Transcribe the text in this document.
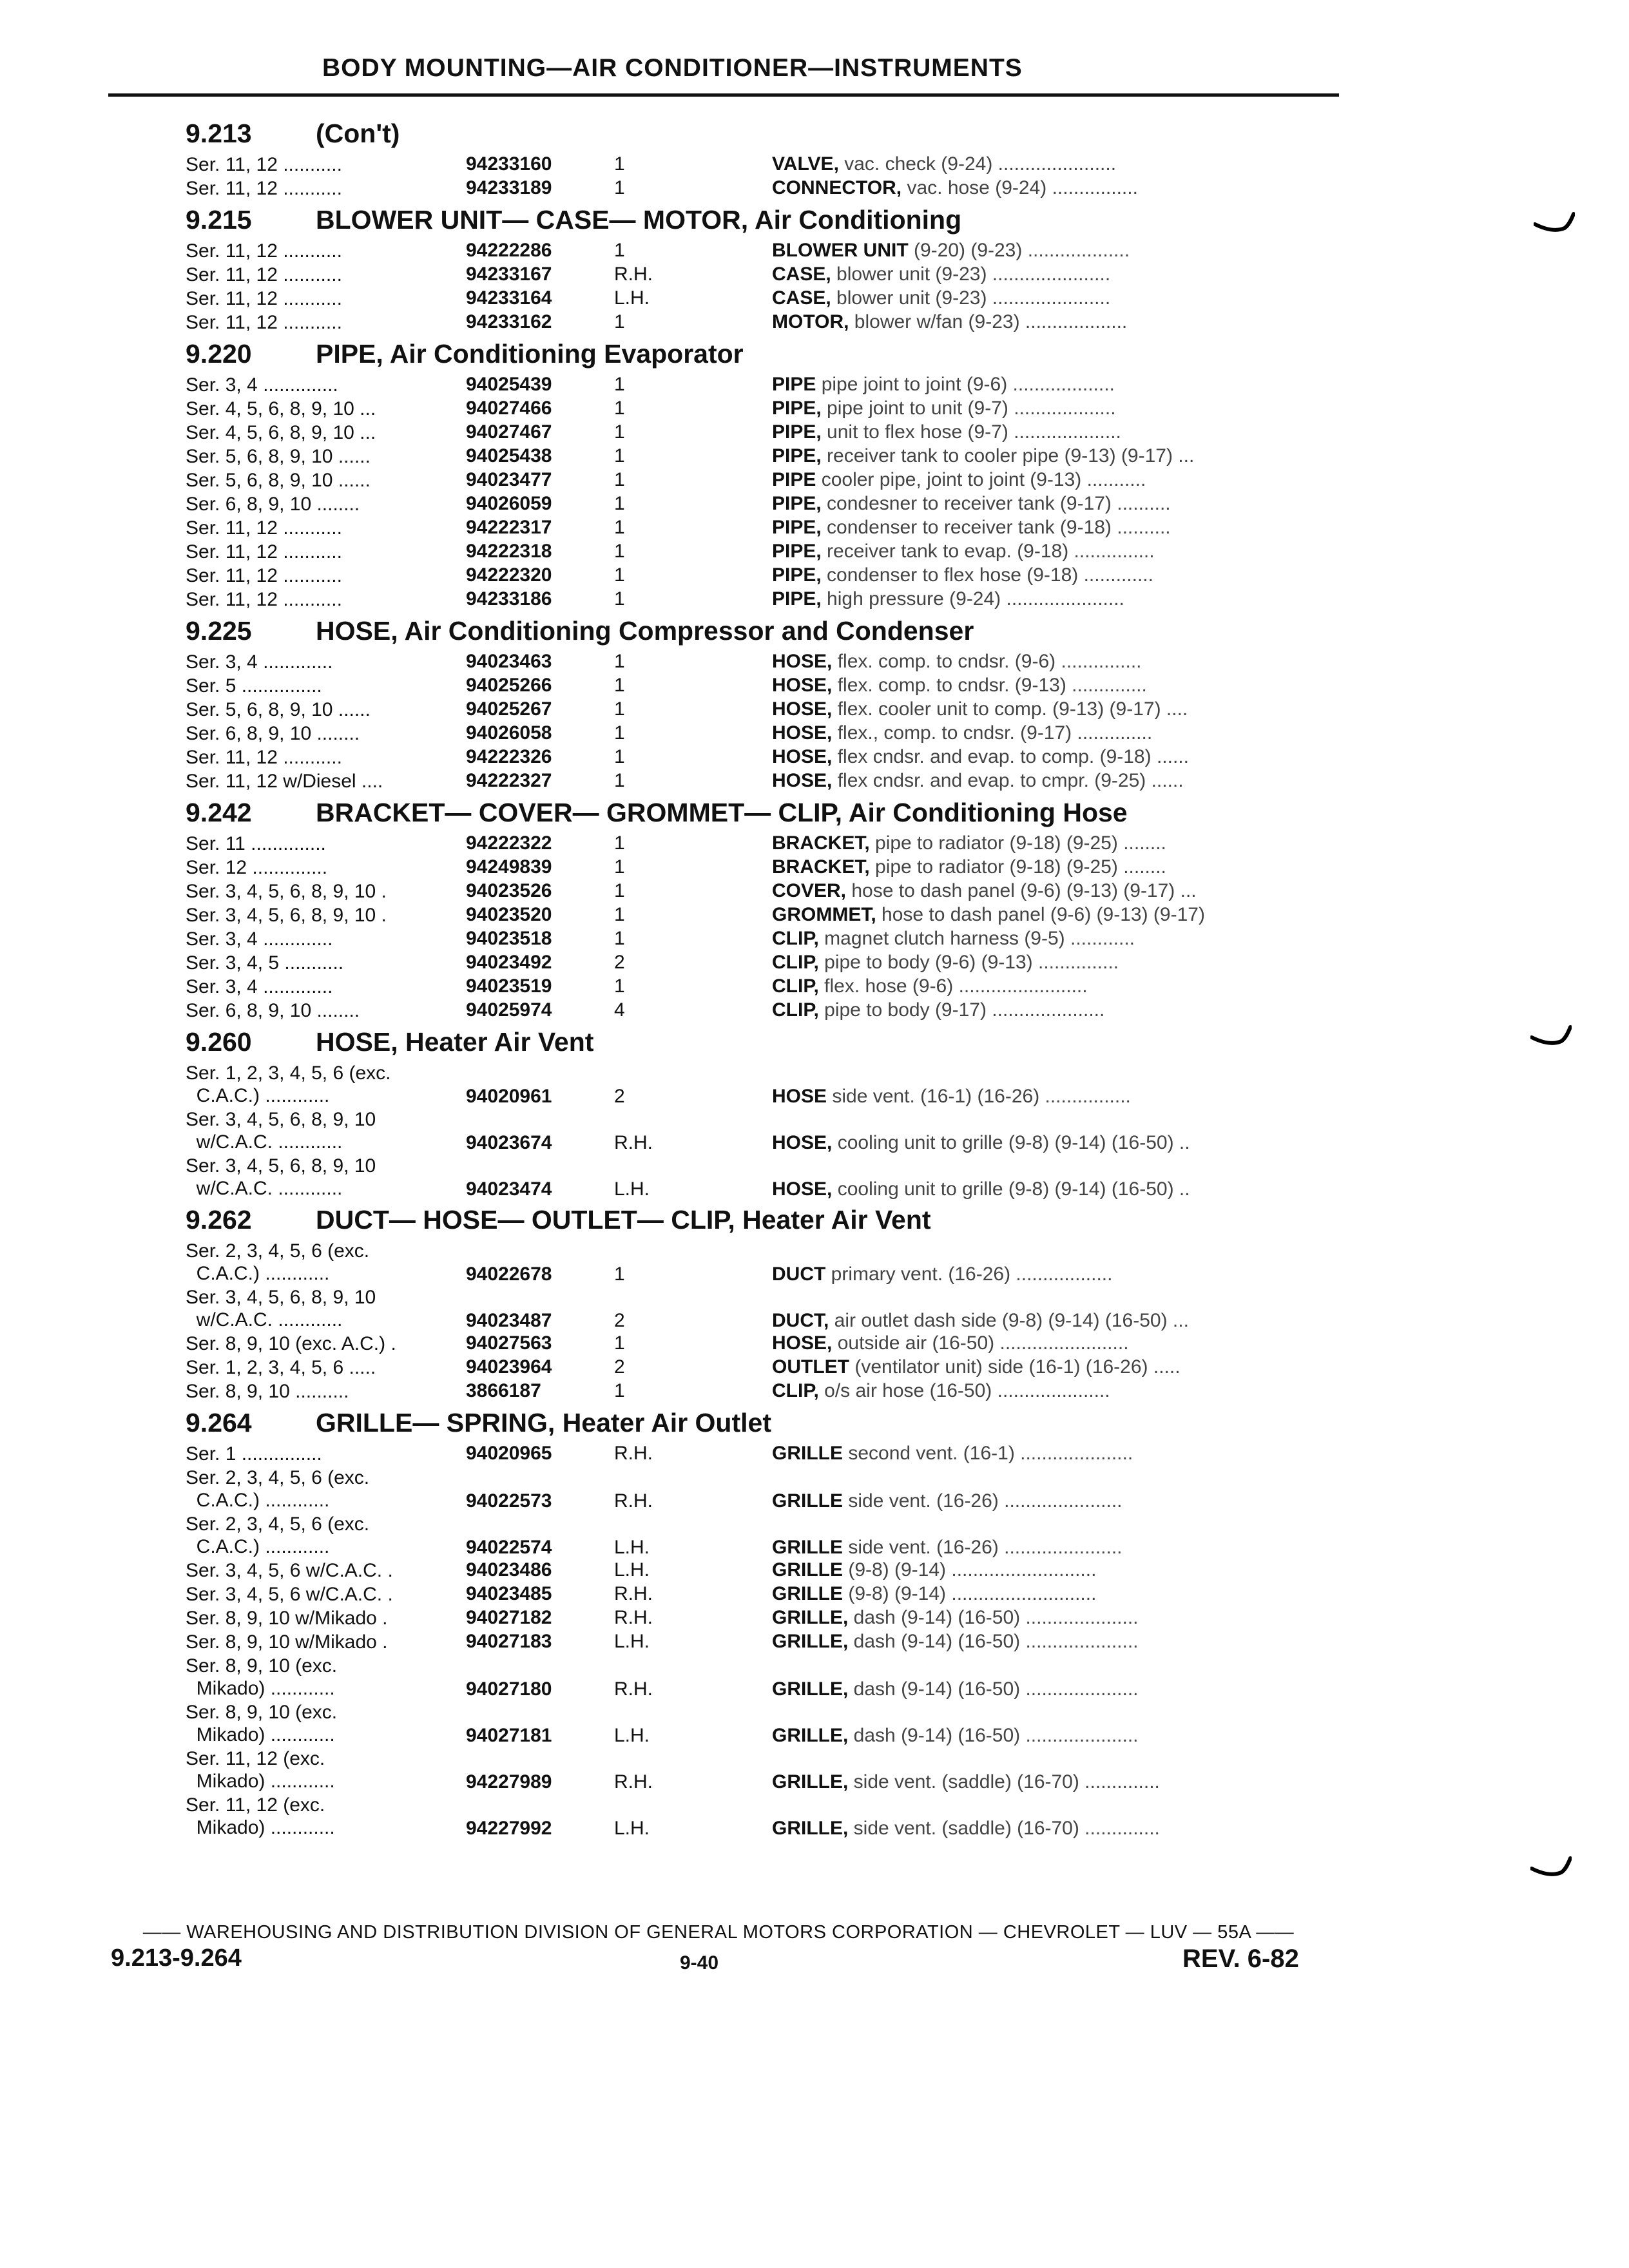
BODY MOUNTING—AIR CONDITIONER—INSTRUMENTS
9.213 (Con't)
Ser. 11, 12 ...........	94233160	1	VALVE, vac. check (9-24) ......................
Ser. 11, 12 ...........	94233189	1	CONNECTOR, vac. hose (9-24) ................
9.215 BLOWER UNIT— CASE— MOTOR, Air Conditioning
Ser. 11, 12 ...........	94222286	1	BLOWER UNIT (9-20) (9-23) ...................
Ser. 11, 12 ...........	94233167	R.H.	CASE, blower unit (9-23) ......................
Ser. 11, 12 ...........	94233164	L.H.	CASE, blower unit (9-23) ......................
Ser. 11, 12 ...........	94233162	1	MOTOR, blower w/fan (9-23) ...................
9.220 PIPE, Air Conditioning Evaporator
Ser. 3, 4 ..............	94025439	1	PIPE pipe joint to joint (9-6) ...................
Ser. 4, 5, 6, 8, 9, 10 ...	94027466	1	PIPE, pipe joint to unit (9-7) ...................
Ser. 4, 5, 6, 8, 9, 10 ...	94027467	1	PIPE, unit to flex hose (9-7) ....................
Ser. 5, 6, 8, 9, 10 ......	94025438	1	PIPE, receiver tank to cooler pipe (9-13) (9-17) ...
Ser. 5, 6, 8, 9, 10 ......	94023477	1	PIPE cooler pipe, joint to joint (9-13) ...........
Ser. 6, 8, 9, 10 ........	94026059	1	PIPE, condesner to receiver tank (9-17) ..........
Ser. 11, 12 ...........	94222317	1	PIPE, condenser to receiver tank (9-18) ..........
Ser. 11, 12 ...........	94222318	1	PIPE, receiver tank to evap. (9-18) ...............
Ser. 11, 12 ...........	94222320	1	PIPE, condenser to flex hose (9-18) .............
Ser. 11, 12 ...........	94233186	1	PIPE, high pressure (9-24) ......................
9.225 HOSE, Air Conditioning Compressor and Condenser
Ser. 3, 4 .............	94023463	1	HOSE, flex. comp. to cndsr. (9-6) ...............
Ser. 5 ...............	94025266	1	HOSE, flex. comp. to cndsr. (9-13) ..............
Ser. 5, 6, 8, 9, 10 ......	94025267	1	HOSE, flex. cooler unit to comp. (9-13) (9-17) ....
Ser. 6, 8, 9, 10 ........	94026058	1	HOSE, flex., comp. to cndsr. (9-17) ..............
Ser. 11, 12 ...........	94222326	1	HOSE, flex cndsr. and evap. to comp. (9-18) ......
Ser. 11, 12 w/Diesel ....	94222327	1	HOSE, flex cndsr. and evap. to cmpr. (9-25) ......
9.242 BRACKET— COVER— GROMMET— CLIP, Air Conditioning Hose
Ser. 11 ..............	94222322	1	BRACKET, pipe to radiator (9-18) (9-25) ........
Ser. 12 ..............	94249839	1	BRACKET, pipe to radiator (9-18) (9-25) ........
Ser. 3, 4, 5, 6, 8, 9, 10 .	94023526	1	COVER, hose to dash panel (9-6) (9-13) (9-17) ...
Ser. 3, 4, 5, 6, 8, 9, 10 .	94023520	1	GROMMET, hose to dash panel (9-6) (9-13) (9-17)
Ser. 3, 4 .............	94023518	1	CLIP, magnet clutch harness (9-5) ............
Ser. 3, 4, 5 ...........	94023492	2	CLIP, pipe to body (9-6) (9-13) ...............
Ser. 3, 4 .............	94023519	1	CLIP, flex. hose (9-6) ........................
Ser. 6, 8, 9, 10 ........	94025974	4	CLIP, pipe to body (9-17) .....................
9.260 HOSE, Heater Air Vent
Ser. 1, 2, 3, 4, 5, 6 (exc.
C.A.C.) ............	94020961	2	HOSE side vent. (16-1) (16-26) ................
Ser. 3, 4, 5, 6, 8, 9, 10
w/C.A.C. ............	94023674	R.H.	HOSE, cooling unit to grille (9-8) (9-14) (16-50) ..
Ser. 3, 4, 5, 6, 8, 9, 10
w/C.A.C. ............	94023474	L.H.	HOSE, cooling unit to grille (9-8) (9-14) (16-50) ..
9.262 DUCT— HOSE— OUTLET— CLIP, Heater Air Vent
Ser. 2, 3, 4, 5, 6 (exc.
C.A.C.) ............	94022678	1	DUCT primary vent. (16-26) ..................
Ser. 3, 4, 5, 6, 8, 9, 10
w/C.A.C. ............	94023487	2	DUCT, air outlet dash side (9-8) (9-14) (16-50) ...
Ser. 8, 9, 10 (exc. A.C.) .	94027563	1	HOSE, outside air (16-50) ........................
Ser. 1, 2, 3, 4, 5, 6 .....	94023964	2	OUTLET (ventilator unit) side (16-1) (16-26) .....
Ser. 8, 9, 10 ..........	3866187	1	CLIP, o/s air hose (16-50) .....................
9.264 GRILLE— SPRING, Heater Air Outlet
Ser. 1 ...............	94020965	R.H.	GRILLE second vent. (16-1) .....................
Ser. 2, 3, 4, 5, 6 (exc.
C.A.C.) ............	94022573	R.H.	GRILLE side vent. (16-26) ......................
Ser. 2, 3, 4, 5, 6 (exc.
C.A.C.) ............	94022574	L.H.	GRILLE side vent. (16-26) ......................
Ser. 3, 4, 5, 6 w/C.A.C. .	94023486	L.H.	GRILLE (9-8) (9-14) ...........................
Ser. 3, 4, 5, 6 w/C.A.C. .	94023485	R.H.	GRILLE (9-8) (9-14) ...........................
Ser. 8, 9, 10 w/Mikado .	94027182	R.H.	GRILLE, dash (9-14) (16-50) .....................
Ser. 8, 9, 10 w/Mikado .	94027183	L.H.	GRILLE, dash (9-14) (16-50) .....................
Ser. 8, 9, 10 (exc.
Mikado) ............	94027180	R.H.	GRILLE, dash (9-14) (16-50) .....................
Ser. 8, 9, 10 (exc.
Mikado) ............	94027181	L.H.	GRILLE, dash (9-14) (16-50) .....................
Ser. 11, 12 (exc.
Mikado) ............	94227989	R.H.	GRILLE, side vent. (saddle) (16-70) ..............
Ser. 11, 12 (exc.
Mikado) ............	94227992	L.H.	GRILLE, side vent. (saddle) (16-70) ..............
—— WAREHOUSING AND DISTRIBUTION DIVISION OF GENERAL MOTORS CORPORATION — CHEVROLET — LUV — 55A ——
9.213-9.264	9-40	REV. 6-82
